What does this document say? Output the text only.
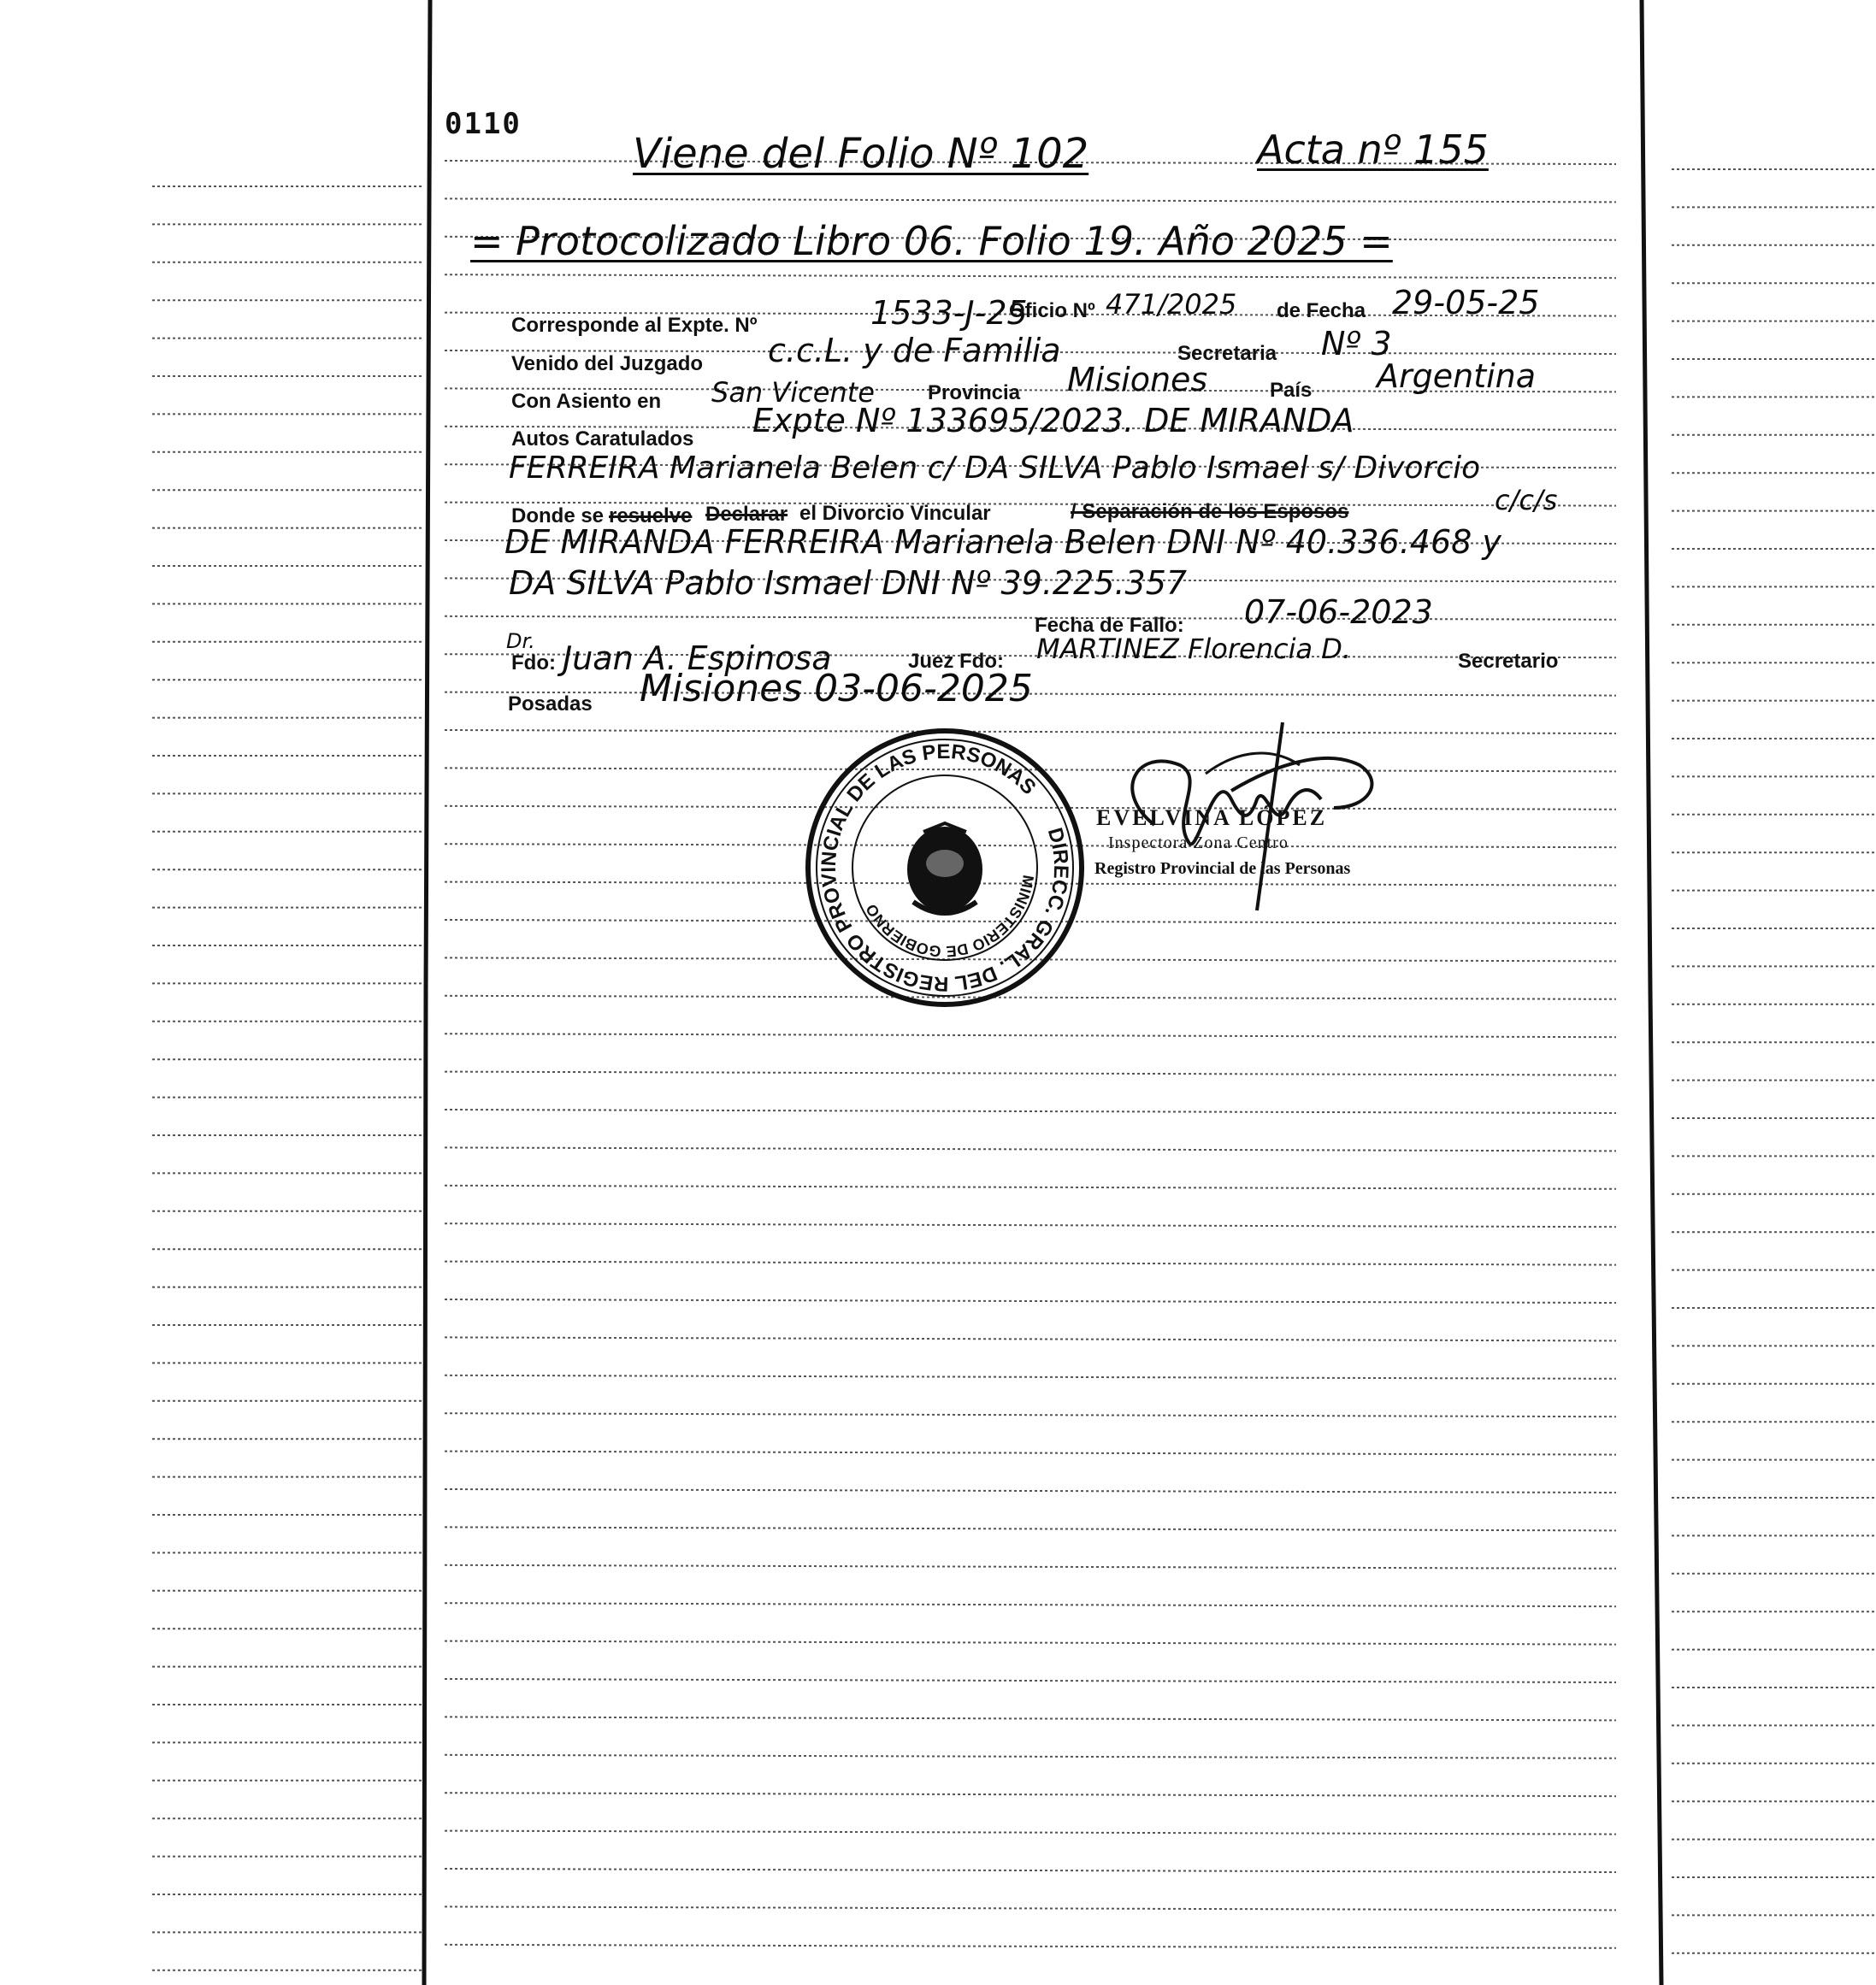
0110
Viene del Folio Nº 102	Acta nº 155
= Protocolizado Libro 06. Folio 19. Año 2025 =
Corresponde al Expte. Nº	1533-J-25
Oficio Nº 471/2025 de Fecha 29-05-25
Venido del Juzgado c.c.L. y de Familia	Secretaria Nº 3
Con Asiento en San Vicente	Provincia Misiones	País Argentina
Autos Caratulados Expte Nº 133695/2023. DE MIRANDA
FERREIRA Marianela Belen c/ DA SILVA Pablo Ismael s/ Divorcio
Donde se resuelve Declarar el Divorcio Vincular	/ Separación de los Esposos	c/c/s
DE MIRANDA FERREIRA Marianela Belen DNI Nº 40.336.468 y
DA SILVA Pablo Ismael DNI Nº 39.225.357
Fecha de Fallo: 07-06-2023
Dr.
Fdo: Juan A. Espinosa	Juez Fdo: MARTINEZ Florencia D.	Secretario
Posadas Misiones 03-06-2025
DIRECC. GRAL. DEL REGISTRO PROVINCIAL DE LAS PERSONAS
MINISTERIO DE GOBIERNO
EVELVINA LÓPEZ
Inspectora Zona Centro
Registro Provincial de las Personas
